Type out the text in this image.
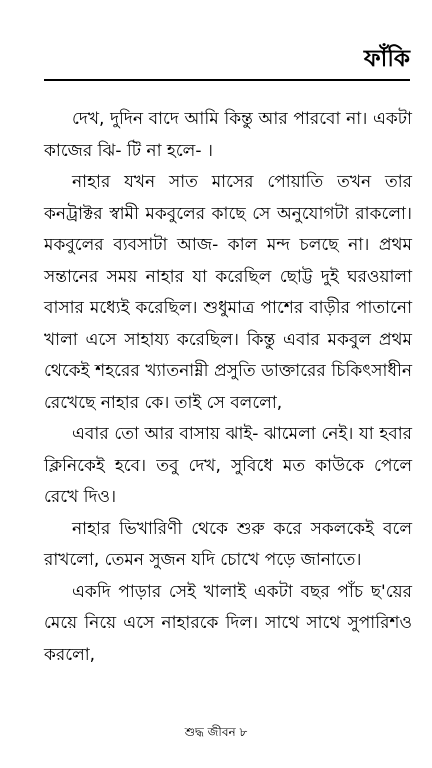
ফাঁকি

দেখ, দুদিন বাদে আমি কিন্তু আর পারবো না। একটা কাজের ঝি- টি না হলে- ।

নাহার যখন সাত মাসের পোয়াতি তখন তার কনট্রাক্টর স্বামী মকবুলের কাছে সে অনুযোগটা রাকলো। মকবুলের ব্যবসাটা আজ- কাল মন্দ চলছে না। প্রথম সন্তানের সময় নাহার যা করেছিল ছোট্ট দুই ঘরওয়ালা বাসার মধ্যেই করেছিল। শুধুমাত্র পাশের বাড়ীর পাতানো খালা এসে সাহায্য করেছিল। কিন্তু এবার মকবুল প্রথম থেকেই শহরের খ্যাতনাম্নী প্রসুতি ডাক্তারের চিকিৎসাধীন রেখেছে নাহার কে। তাই সে বললো,

এবার তো আর বাসায় ঝাই- ঝামেলা নেই। যা হবার ক্লিনিকেই হবে। তবু দেখ, সুবিধে মত কাউকে পেলে রেখে দিও।

নাহার ভিখারিণী থেকে শুরু করে সকলকেই বলে রাখলো, তেমন সুজন যদি চোখে পড়ে জানাতে।

একদি পাড়ার সেই খালাই একটা বছর পাঁচ ছ'য়ের মেয়ে নিয়ে এসে নাহারকে দিল। সাথে সাথে সুপারিশও করলো,

শুদ্ধ জীবন ৮
